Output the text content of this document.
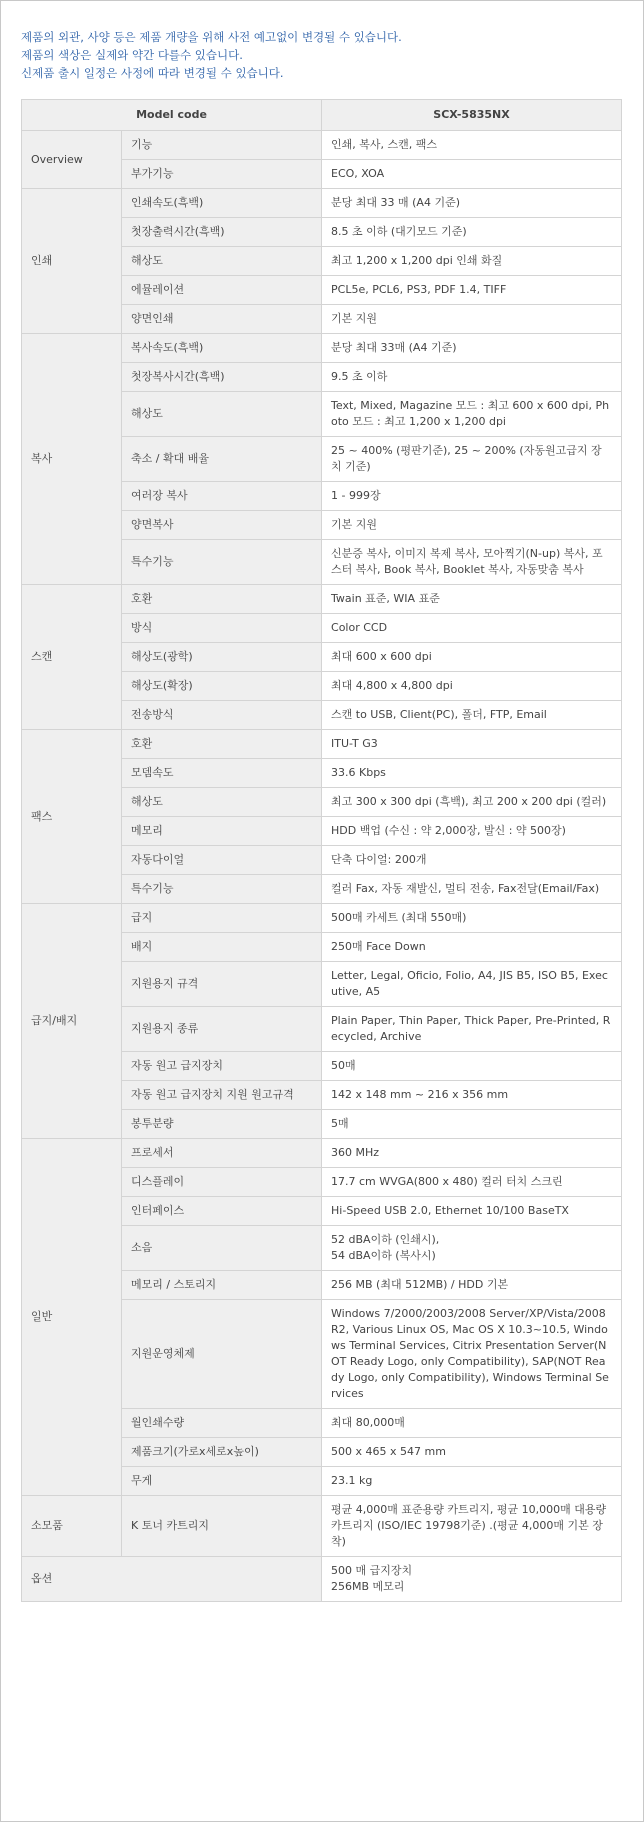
제품의 외관, 사양 등은 제품 개량을 위해 사전 예고없이 변경될 수 있습니다.
제품의 색상은 실제와 약간 다를수 있습니다.
신제품 출시 일정은 사정에 따라 변경될 수 있습니다.
Model code		SCX-5835NX
Overview	기능	인쇄, 복사, 스캔, 팩스
	부가기능	ECO, XOA
인쇄	인쇄속도(흑백)	분당 최대 33 매 (A4 기준)
	첫장출력시간(흑백)	8.5 초 이하 (대기모드 기준)
	해상도	최고 1,200 x 1,200 dpi 인쇄 화질
	에뮬레이션	PCL5e, PCL6, PS3, PDF 1.4, TIFF
	양면인쇄	기본 지원
복사	복사속도(흑백)	분당 최대 33매 (A4 기준)
	첫장복사시간(흑백)	9.5 초 이하
	해상도	Text, Mixed, Magazine 모드 : 최고 600 x 600 dpi, Photo 모드 : 최고 1,200 x 1,200 dpi
	축소 / 확대 배율	25 ~ 400% (평판기준), 25 ~ 200% (자동원고급지 장치 기준)
	여러장 복사	1 - 999장
	양면복사	기본 지원
	특수기능	신분증 복사, 이미지 복제 복사, 모아찍기(N-up) 복사, 포스터 복사, Book 복사, Booklet 복사, 자동맞춤 복사
스캔	호환	Twain 표준, WIA 표준
	방식	Color CCD
	해상도(광학)	최대 600 x 600 dpi
	해상도(확장)	최대 4,800 x 4,800 dpi
	전송방식	스캔 to USB, Client(PC), 폴더, FTP, Email
팩스	호환	ITU-T G3
	모뎀속도	33.6 Kbps
	해상도	최고 300 x 300 dpi (흑백), 최고 200 x 200 dpi (컬러)
	메모리	HDD 백업 (수신 : 약 2,000장, 발신 : 약 500장)
	자동다이얼	단축 다이얼: 200개
	특수기능	컬러 Fax, 자동 재발신, 멀티 전송, Fax전달(Email/Fax)
급지/배지	급지	500매 카세트 (최대 550매)
	배지	250매 Face Down
	지원용지 규격	Letter, Legal, Oficio, Folio, A4, JIS B5, ISO B5, Executive, A5
	지원용지 종류	Plain Paper, Thin Paper, Thick Paper, Pre-Printed, Recycled, Archive
	자동 원고 급지장치	50매
	자동 원고 급지장치 지원 원고규격	142 x 148 mm ~ 216 x 356 mm
	봉투분량	5매
일반	프로세서	360 MHz
	디스플레이	17.7 cm WVGA(800 x 480) 컬러 터치 스크린
	인터페이스	Hi-Speed USB 2.0, Ethernet 10/100 BaseTX
	소음	52 dBA이하 (인쇄시),
54 dBA이하 (복사시)
	메모리 / 스토리지	256 MB (최대 512MB) / HDD 기본
	지원운영체제	Windows 7/2000/2003/2008 Server/XP/Vista/2008R2, Various Linux OS, Mac OS X 10.3~10.5, Windows Terminal Services, Citrix Presentation Server(NOT Ready Logo, only Compatibility), SAP(NOT Ready Logo, only Compatibility), Windows Terminal Services
	월인쇄수량	최대 80,000매
	제품크기(가로x세로x높이)	500 x 465 x 547 mm
	무게	23.1 kg
소모품	K 토너 카트리지	평균 4,000매 표준용량 카트리지, 평균 10,000매 대용량 카트리지 (ISO/IEC 19798기준) .(평균 4,000매 기본 장착)
옵션		500 매 급지장치
256MB 메모리
